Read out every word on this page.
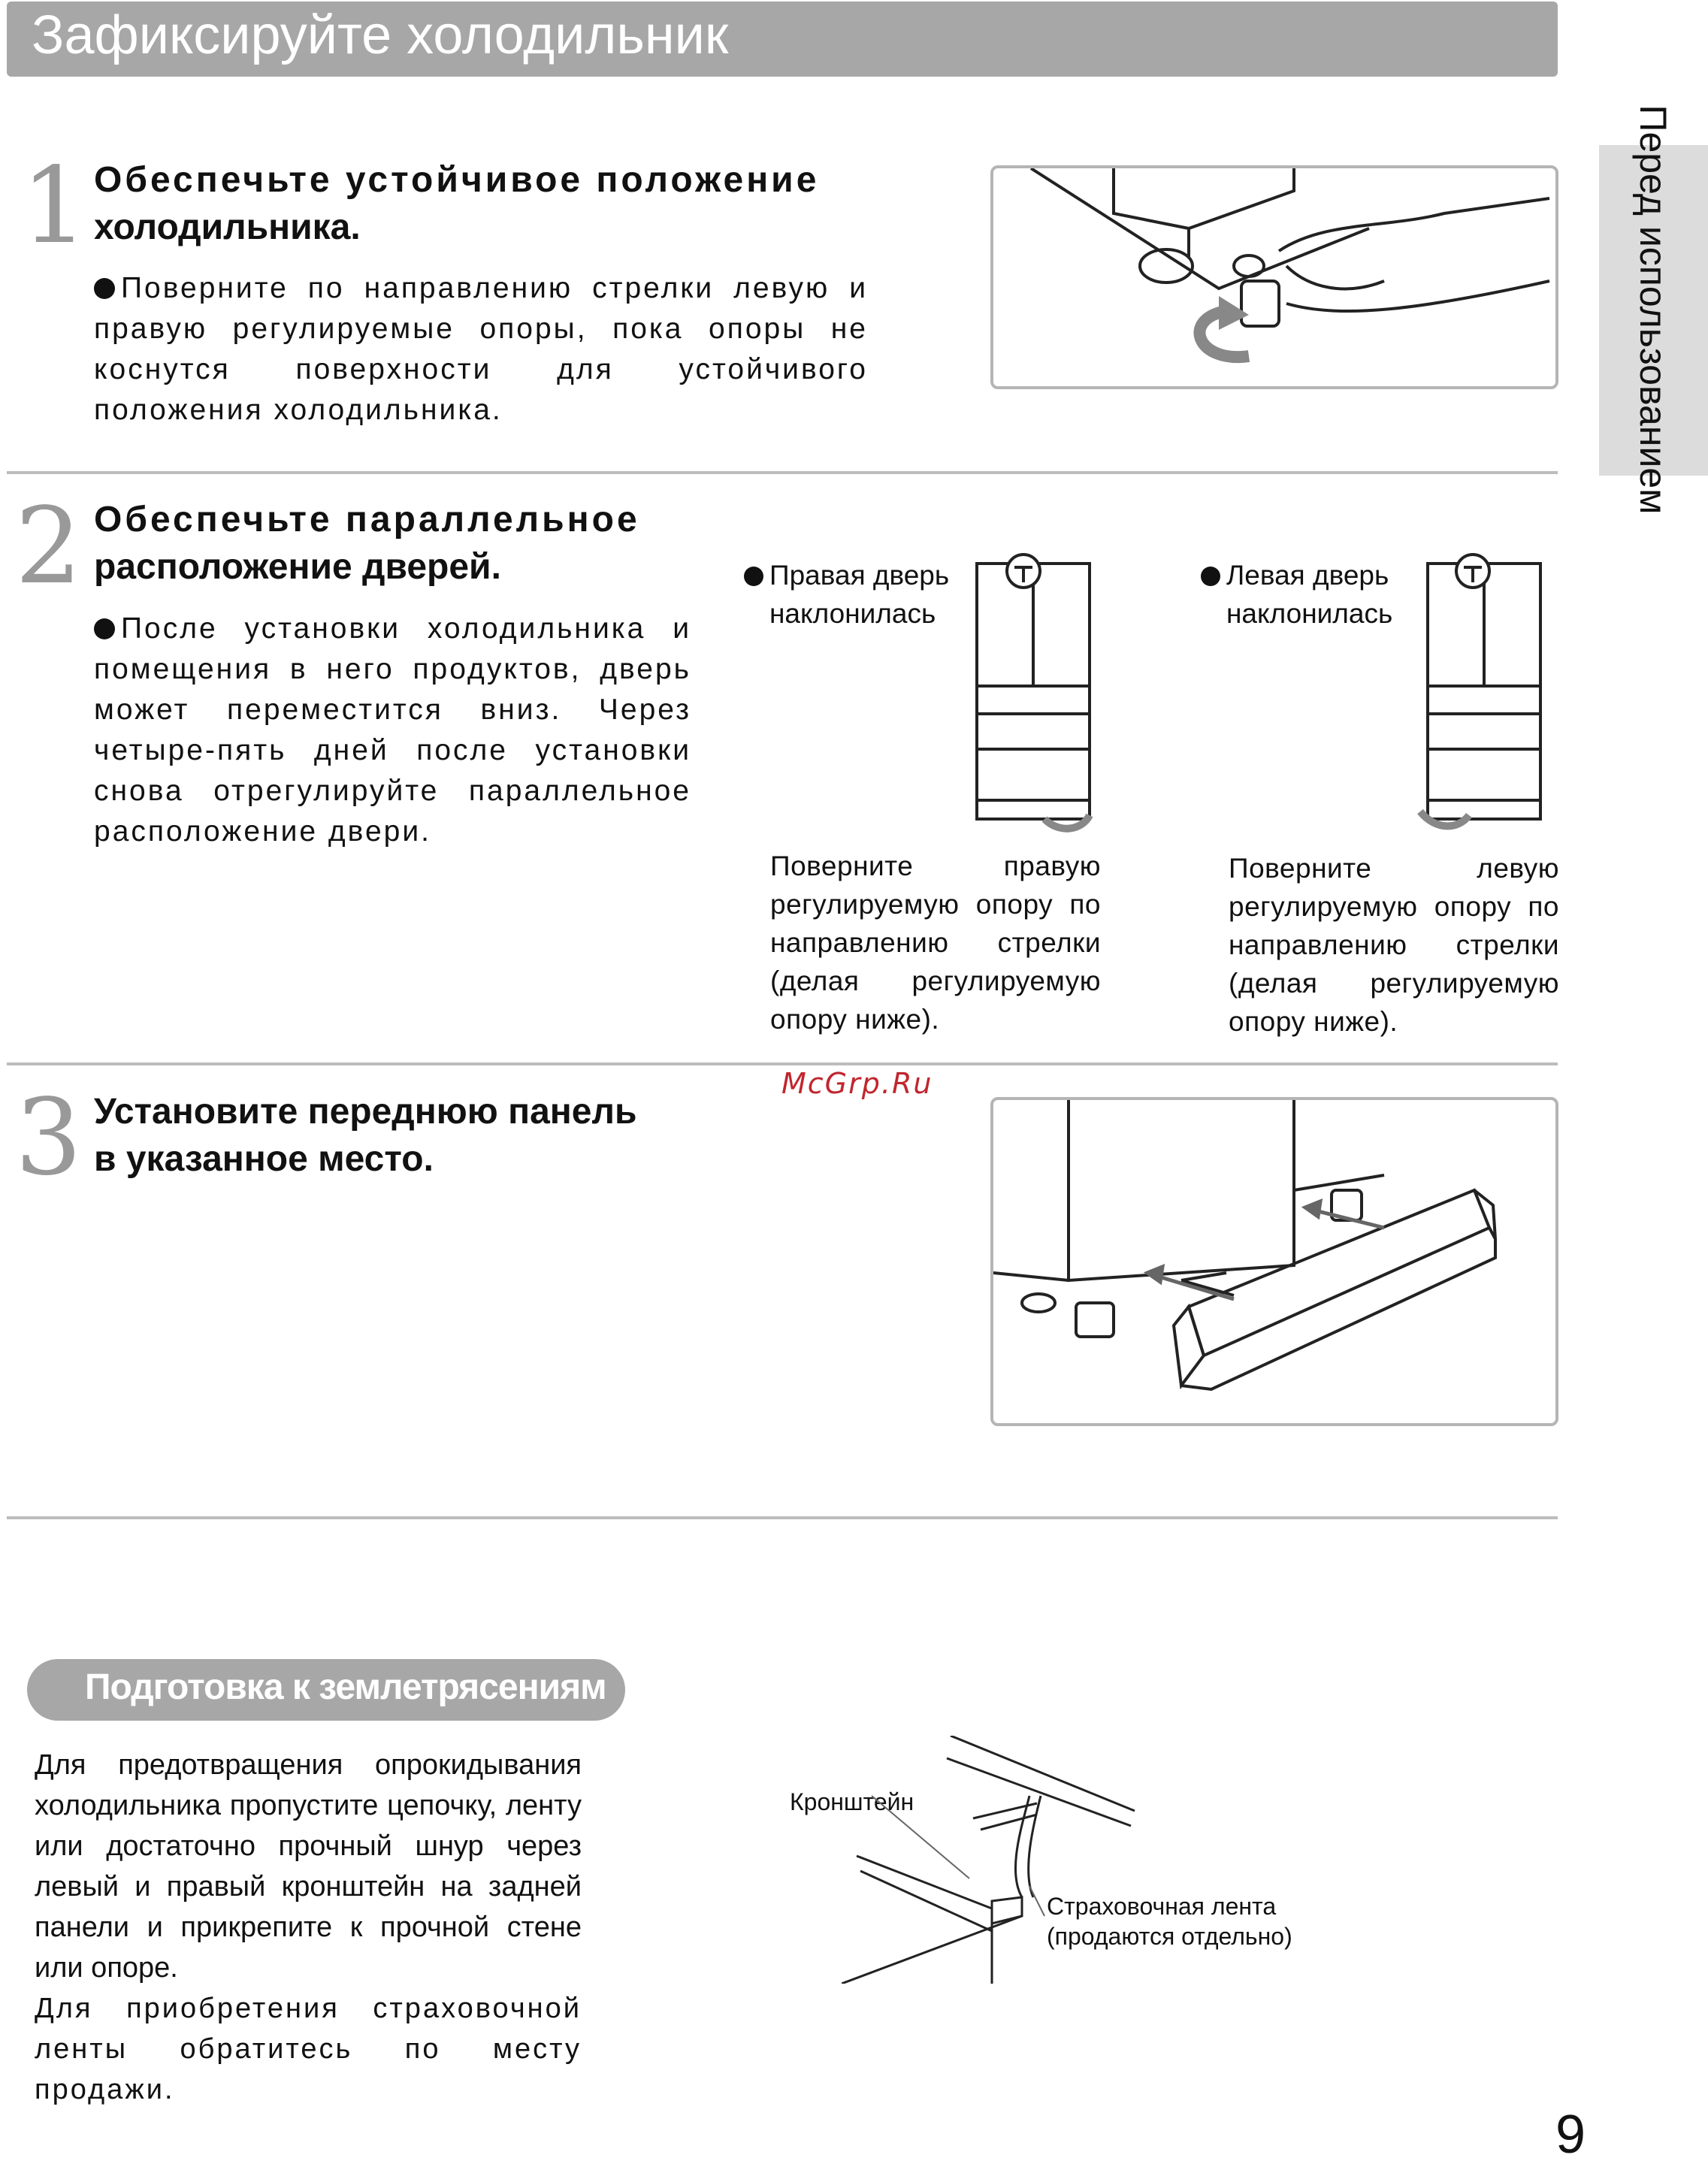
Зафиксируйте холодильник
Перед использованием
1 Обеспечьте устойчивое положение
холодильника.
Поверните по направлению стрелки левую и правую регулируемые опоры, пока опоры не коснутся поверхности для устойчивого положения холодильника.
2 Обеспечьте параллельное
расположение дверей.
После установки холодильника и помещения в него продуктов, дверь может переместится вниз. Через четыре-пять дней после установки снова отрегулируйте параллельное расположение двери.
Правая дверь
наклонилась
Поверните правую регулируемую опору по направлению стрелки (делая регулируемую опору ниже).
Левая дверь
наклонилась
Поверните левую регулируемую опору по направлению стрелки (делая регулируемую опору ниже).
3 Установите переднюю панель
в указанное место.
McGrp.Ru
Подготовка к землетрясениям
Для предотвращения опрокидывания холодильника пропустите цепочку, ленту или достаточно прочный шнур через левый и правый кронштейн на задней панели и прикрепите к прочной стене или опоре.
Для приобретения страховочной ленты обратитесь по месту продажи.
Кронштейн
Страховочная лента
(продаются отдельно)
9
